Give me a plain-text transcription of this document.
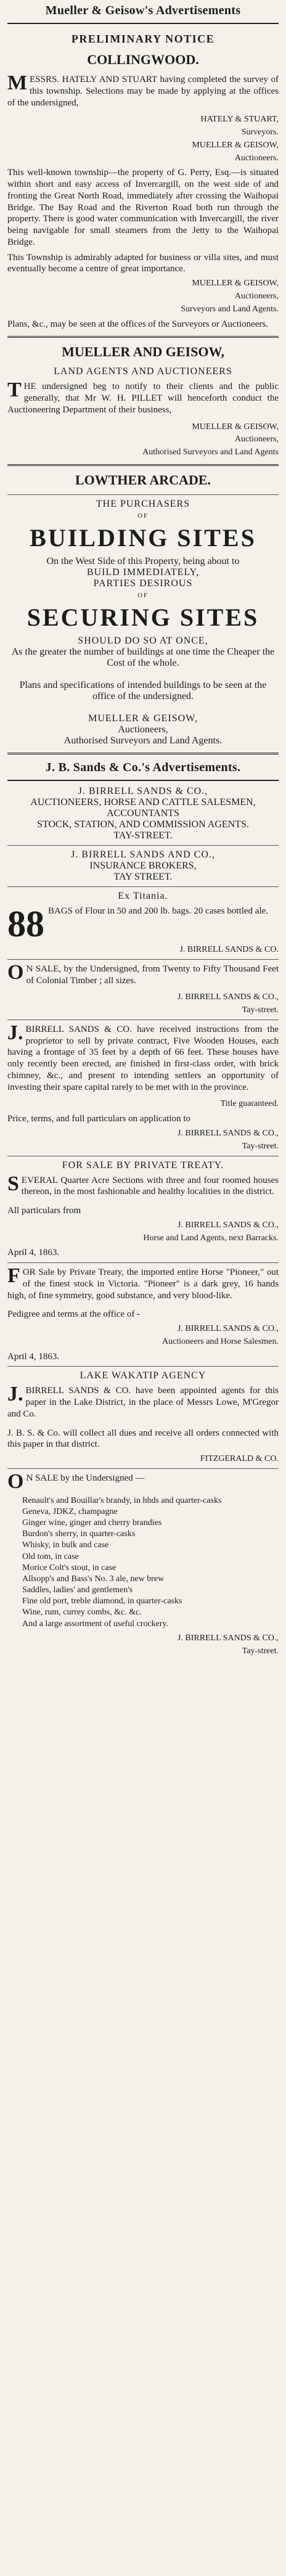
Mueller & Geisow's Advertisements
PRELIMINARY NOTICE
COLLINGWOOD.
M ESSRS. HATELY AND STUART having completed the survey of this township. Selections may be made by applying at the offices of the undersigned,
HATELY & STUART,
Surveyors.
MUELLER & GEISOW,
Auctioneers.
This well-known township—the property of G. Perry, Esq.—is situated within short and easy access of Invercargill, on the west side of and fronting the Great North Road, immediately after crossing the Waihopai Bridge. The Bay Road and the Riverton Road both run through the property. There is good water communication with Invercargill, the river being navigable for small steamers from the Jetty to the Waihopai Bridge.
This Township is admirably adapted for business or villa sites, and must eventually become a centre of great importance.
MUELLER & GEISOW,
Auctioneers,
Surveyors and Land Agents.
Plans, &c., may be seen at the offices of the Surveyors or Auctioneers.
MUELLER AND GEISOW,
LAND AGENTS AND AUCTIONEERS
T HE undersigned beg to notify to their clients and the public generally, that Mr W. H. PILLET will henceforth conduct the Auctioneering Department of their business,
MUELLER & GEISOW,
Auctioneers,
Authorised Surveyors and Land Agents
LOWTHER ARCADE.
THE PURCHASERS
OF
BUILDING SITES
On the West Side of this Property, being about to
BUILD IMMEDIATELY,
PARTIES DESIROUS
OF
SECURING SITES
SHOULD DO SO AT ONCE,
As the greater the number of buildings at one time the Cheaper the Cost of the whole.
Plans and specifications of intended buildings to be seen at the office of the undersigned.
MUELLER & GEISOW,
Auctioneers,
Authorised Surveyors and Land Agents.
J. B. Sands & Co.'s Advertisements.
J. BIRRELL SANDS & CO.,
AUCTIONEERS, HORSE AND CATTLE SALESMEN, ACCOUNTANTS
STOCK, STATION, AND COMMISSION AGENTS.
TAY-STREET.
J. BIRRELL SANDS AND CO.,
INSURANCE BROKERS,
TAY STREET.
Ex Titania.
88 BAGS of Flour in 50 and 200 lb. bags. 20 cases bottled ale.
J. BIRRELL SANDS & CO.
O N SALE, by the Undersigned, from Twenty to Fifty Thousand Feet of Colonial Timber ; all sizes.
J. BIRRELL SANDS & CO.,
Tay-street.
J. BIRRELL SANDS & CO. have received instructions from the proprietor to sell by private contract, Five Wooden Houses, each having a frontage of 35 feet by a depth of 66 feet. These houses have only recently been erected, are finished in first-class order, with brick chimney, &c., and present to intending settlers an opportunity of investing their spare capital rarely to be met with in the province.
Title guaranteed.
Price, terms, and full particulars on application to
J. BIRRELL SANDS & CO.,
Tay-street.
FOR SALE BY PRIVATE TREATY.
S EVERAL Quarter Acre Sections with three and four roomed houses thereon, in the most fashionable and healthy localities in the district.
All particulars from
J. BIRRELL SANDS & CO.,
Horse and Land Agents, next Barracks.
April 4, 1863.
F OR Sale by Private Treaty, the imported entire Horse "Pioneer," out of the finest stock in Victoria. "Pioneer" is a dark grey, 16 hands high, of fine symmetry, good substance, and very blood-like.
Pedigree and terms at the office of -
J. BIRRELL SANDS & CO.,
Auctioneers and Horse Salesmen.
April 4, 1863.
LAKE WAKATIP AGENCY
J. BIRRELL SANDS & CO. have been appointed agents for this paper in the Lake District, in the place of Messrs Lowe, M'Gregor and Co.
J. B. S. & Co. will collect all dues and receive all orders connected with this paper in that district.
FITZGERALD & CO.
O N SALE by the Undersigned —
Renault's and Bouillar's brandy, in hhds and quarter-casks
Geneva, JDKZ, champagne
Ginger wine, ginger and cherry brandies
Burdon's sherry, in quarter-casks
Whisky, in bulk and case
Old tom, in case
Morice Colt's stout, in case
Allsopp's and Bass's No. 3 ale, new brew
Saddles, ladies' and gentlemen's
Fine old port, treble diamond, in quarter-casks
Wine, rum, currey combs, &c. &c.
And a large assortment of useful crockery.
J. BIRRELL SANDS & CO.,
Tay-street.
